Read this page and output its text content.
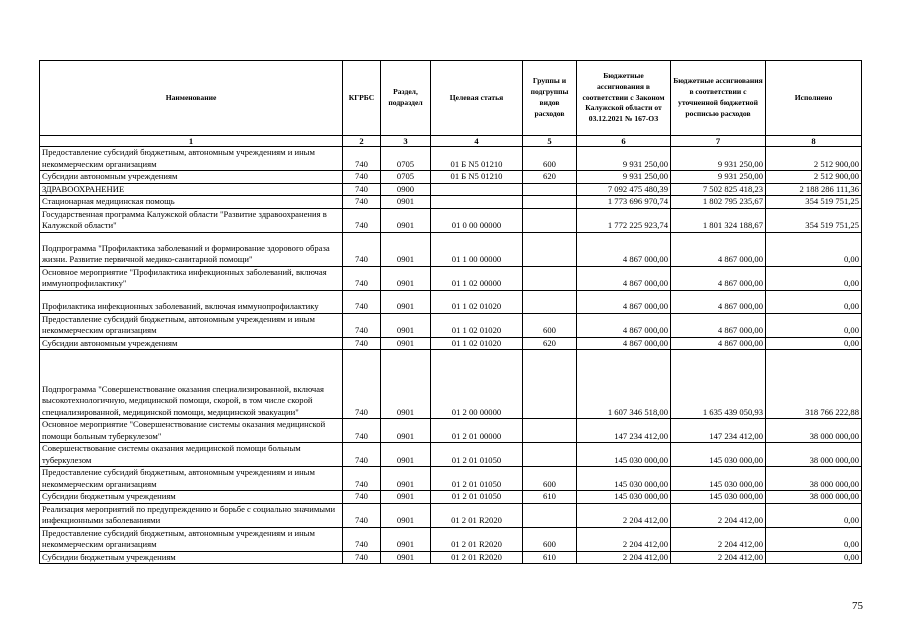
Наименование	КГРБС	Раздел, подраздел	Целевая статья	Группы и подгруппы видов расходов	Бюджетные ассигнования в соответствии с Законом Калужской области от 03.12.2021 № 167-ОЗ	Бюджетные ассигнования в соответствии с уточненной бюджетной росписью расходов	Исполнено
1	2	3	4	5	6	7	8
Предоставление субсидий бюджетным, автономным учреждениям и иным некоммерческим организациям	740	0705	01 Б N5 01210	600	9 931 250,00	9 931 250,00	2 512 900,00
Субсидии автономным учреждениям	740	0705	01 Б N5 01210	620	9 931 250,00	9 931 250,00	2 512 900,00
ЗДРАВООХРАНЕНИЕ	740	0900			7 092 475 480,39	7 502 825 418,23	2 188 286 111,36
Стационарная медицинская помощь	740	0901			1 773 696 970,74	1 802 795 235,67	354 519 751,25
Государственная программа Калужской области "Развитие здравоохранения в Калужской области"	740	0901	01 0 00 00000		1 772 225 923,74	1 801 324 188,67	354 519 751,25
Подпрограмма "Профилактика заболеваний и формирование здорового образа жизни. Развитие первичной медико-санитарной помощи"	740	0901	01 1 00 00000		4 867 000,00	4 867 000,00	0,00
Основное мероприятие "Профилактика инфекционных заболеваний, включая иммунопрофилактику"	740	0901	01 1 02 00000		4 867 000,00	4 867 000,00	0,00
Профилактика инфекционных заболеваний, включая иммунопрофилактику	740	0901	01 1 02 01020		4 867 000,00	4 867 000,00	0,00
Предоставление субсидий бюджетным, автономным учреждениям и иным некоммерческим организациям	740	0901	01 1 02 01020	600	4 867 000,00	4 867 000,00	0,00
Субсидии автономным учреждениям	740	0901	01 1 02 01020	620	4 867 000,00	4 867 000,00	0,00
Подпрограмма "Совершенствование оказания специализированной, включая высокотехнологичную, медицинской помощи, скорой, в том числе скорой специализированной, медицинской помощи, медицинской эвакуации"	740	0901	01 2 00 00000		1 607 346 518,00	1 635 439 050,93	318 766 222,88
Основное мероприятие "Совершенствование системы оказания медицинской помощи больным туберкулезом"	740	0901	01 2 01 00000		147 234 412,00	147 234 412,00	38 000 000,00
Совершенствование системы оказания медицинской помощи больным туберкулезом	740	0901	01 2 01 01050		145 030 000,00	145 030 000,00	38 000 000,00
Предоставление субсидий бюджетным, автономным учреждениям и иным некоммерческим организациям	740	0901	01 2 01 01050	600	145 030 000,00	145 030 000,00	38 000 000,00
Субсидии бюджетным учреждениям	740	0901	01 2 01 01050	610	145 030 000,00	145 030 000,00	38 000 000,00
Реализация мероприятий по предупреждению и борьбе с социально значимыми инфекционными заболеваниями	740	0901	01 2 01 R2020		2 204 412,00	2 204 412,00	0,00
Предоставление субсидий бюджетным, автономным учреждениям и иным некоммерческим организациям	740	0901	01 2 01 R2020	600	2 204 412,00	2 204 412,00	0,00
Субсидии бюджетным учреждениям	740	0901	01 2 01 R2020	610	2 204 412,00	2 204 412,00	0,00
75
